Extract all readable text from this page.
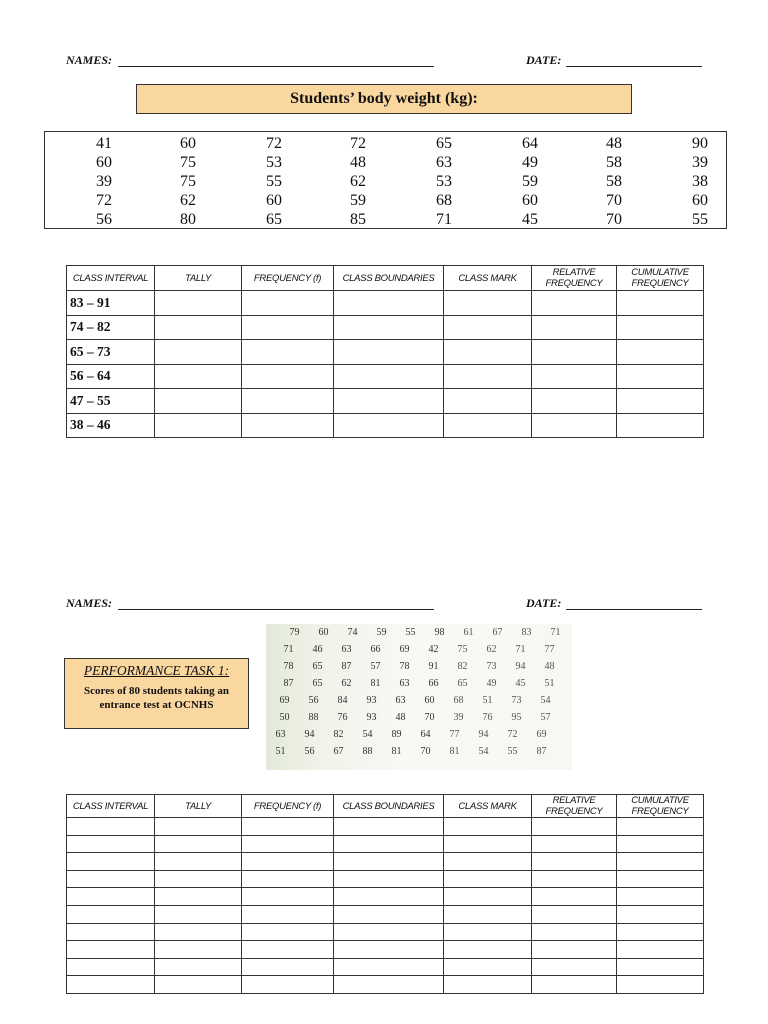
NAMES:	DATE:
Students’ body weight (kg):
41	60	72	72	65	64	48	90
60	75	53	48	63	49	58	39
39	75	55	62	53	59	58	38
72	62	60	59	68	60	70	60
56	80	65	85	71	45	70	55
CLASS INTERVAL	TALLY	FREQUENCY (f)	CLASS BOUNDARIES	CLASS MARK	RELATIVE FREQUENCY	CUMULATIVE FREQUENCY
83 – 91						
74 – 82						
65 – 73						
56 – 64						
47 – 55						
38 – 46						
NAMES:	DATE:
PERFORMANCE TASK 1:
Scores of 80 students taking an entrance test at OCNHS
79	60	74	59	55	98	61	67	83	71
71	46	63	66	69	42	75	62	71	77
78	65	87	57	78	91	82	73	94	48
87	65	62	81	63	66	65	49	45	51
69	56	84	93	63	60	68	51	73	54
50	88	76	93	48	70	39	76	95	57
63	94	82	54	89	64	77	94	72	69
51	56	67	88	81	70	81	54	55	87
CLASS INTERVAL	TALLY	FREQUENCY (f)	CLASS BOUNDARIES	CLASS MARK	RELATIVE FREQUENCY	CUMULATIVE FREQUENCY
